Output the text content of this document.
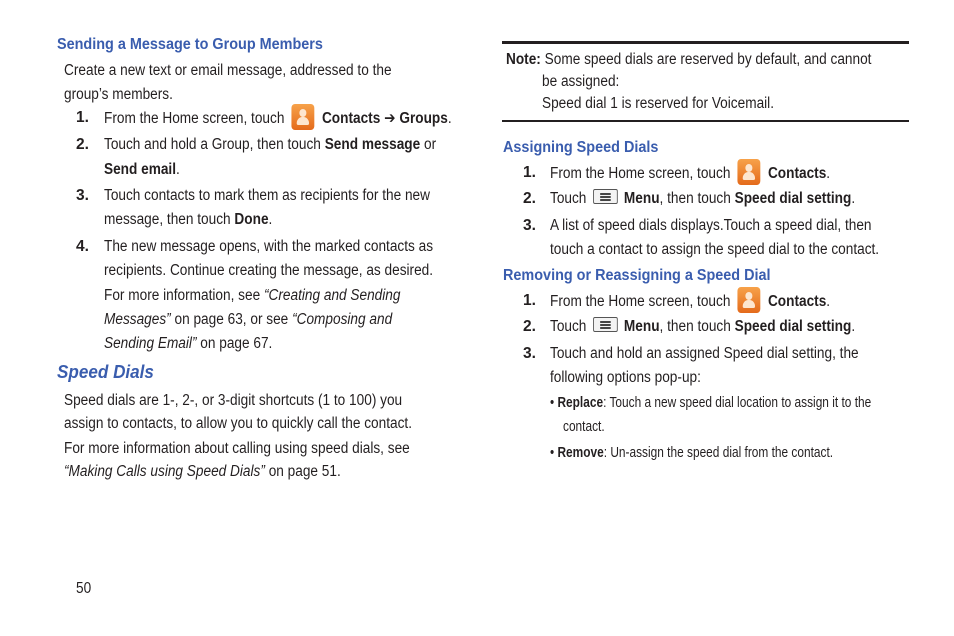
Sending a Message to Group Members
Create a new text or email message, addressed to the
group’s members.
1. From the Home screen, touch Contacts ➔ Groups.
2. Touch and hold a Group, then touch Send message or
Send email.
3. Touch contacts to mark them as recipients for the new
message, then touch Done.
4. The new message opens, with the marked contacts as
recipients. Continue creating the message, as desired.
For more information, see “Creating and Sending
Messages” on page 63, or see “Composing and
Sending Email” on page 67.
Speed Dials
Speed dials are 1-, 2-, or 3-digit shortcuts (1 to 100) you
assign to contacts, to allow you to quickly call the contact.
For more information about calling using speed dials, see
“Making Calls using Speed Dials” on page 51.
50
Note: Some speed dials are reserved by default, and cannot
be assigned:
Speed dial 1 is reserved for Voicemail.
Assigning Speed Dials
1. From the Home screen, touch Contacts.
2. Touch Menu, then touch Speed dial setting.
3. A list of speed dials displays.Touch a speed dial, then
touch a contact to assign the speed dial to the contact.
Removing or Reassigning a Speed Dial
1. From the Home screen, touch Contacts.
2. Touch Menu, then touch Speed dial setting.
3. Touch and hold an assigned Speed dial setting, the
following options pop-up:
• Replace: Touch a new speed dial location to assign it to the
contact.
• Remove: Un-assign the speed dial from the contact.
